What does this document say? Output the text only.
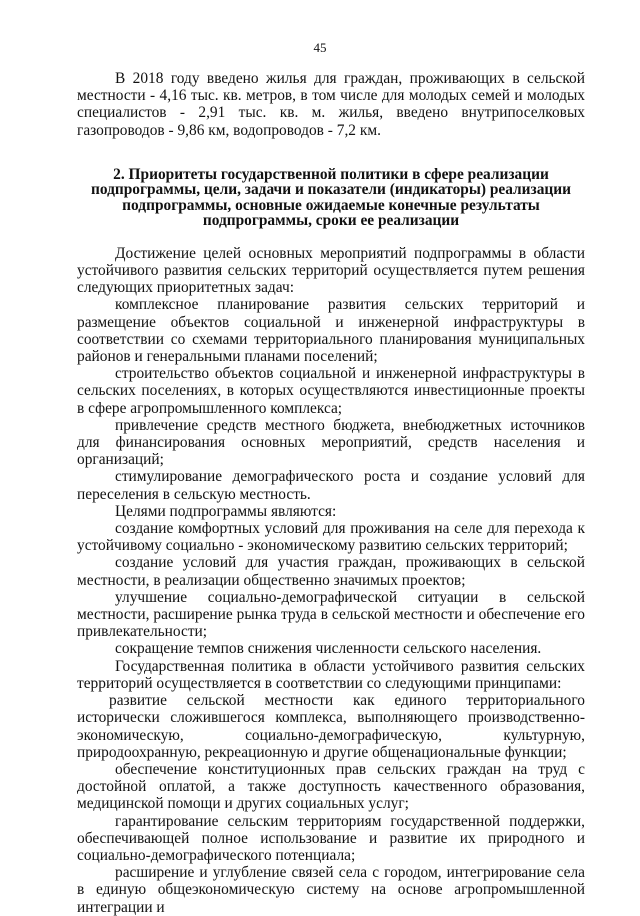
45

В 2018 году введено жилья для граждан, проживающих в сельской местности - 4,16 тыс. кв. метров, в том числе для молодых семей и молодых специалистов - 2,91 тыс. кв. м. жилья, введено внутрипоселковых газопроводов - 9,86 км, водопроводов - 7,2 км.

2. Приоритеты государственной политики в сфере реализации подпрограммы, цели, задачи и показатели (индикаторы) реализации подпрограммы, основные ожидаемые конечные результаты подпрограммы, сроки ее реализации

Достижение целей основных мероприятий подпрограммы в области устойчивого развития сельских территорий осуществляется путем решения следующих приоритетных задач:

комплексное планирование развития сельских территорий и размещение объектов социальной и инженерной инфраструктуры в соответствии со схемами территориального планирования муниципальных районов и генеральными планами поселений;

строительство объектов социальной и инженерной инфраструктуры в сельских поселениях, в которых осуществляются инвестиционные проекты в сфере агропромышленного комплекса;

привлечение средств местного бюджета, внебюджетных источников для финансирования основных мероприятий, средств населения и организаций;

стимулирование демографического роста и создание условий для переселения в сельскую местность.

Целями подпрограммы являются:

создание комфортных условий для проживания на селе для перехода к устойчивому социально - экономическому развитию сельских территорий;

создание условий для участия граждан, проживающих в сельской местности, в реализации общественно значимых проектов;

улучшение социально-демографической ситуации в сельской местности, расширение рынка труда в сельской местности и обеспечение его привлекательности;

сокращение темпов снижения численности сельского населения.

Государственная политика в области устойчивого развития сельских территорий осуществляется в соответствии со следующими принципами:

развитие сельской местности как единого территориального исторически сложившегося комплекса, выполняющего производственно-экономическую, социально-демографическую, культурную, природоохранную, рекреационную и другие общенациональные функции;

обеспечение конституционных прав сельских граждан на труд с достойной оплатой, а также доступность качественного образования, медицинской помощи и других социальных услуг;

гарантирование сельским территориям государственной поддержки, обеспечивающей полное использование и развитие их природного и социально-демографического потенциала;

расширение и углубление связей села с городом, интегрирование села в единую общеэкономическую систему на основе агропромышленной интеграции и
